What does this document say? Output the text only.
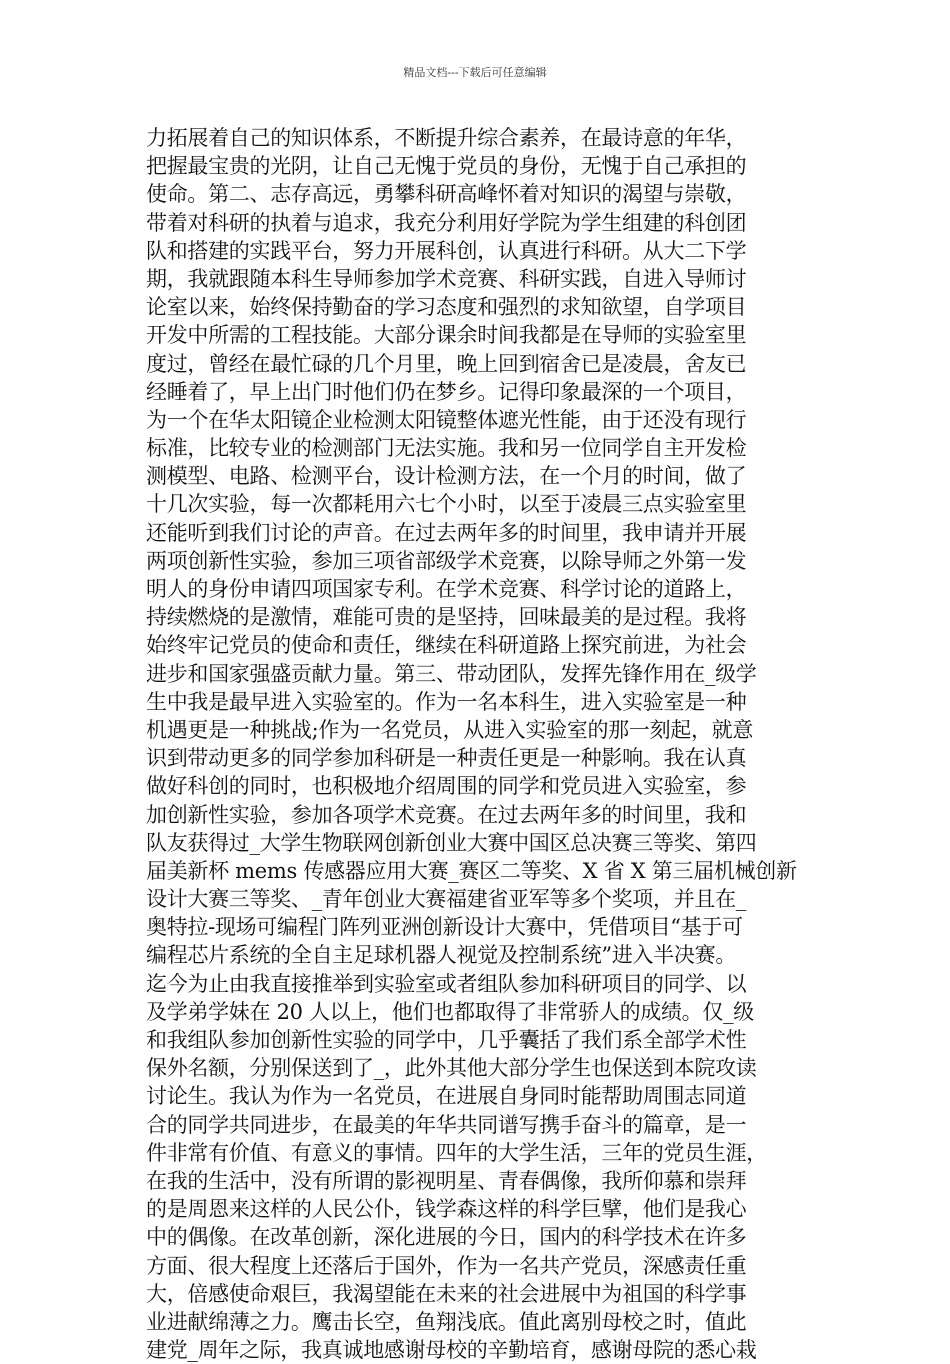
精品文档---下载后可任意编辑
力拓展着自己的知识体系，不断提升综合素养，在最诗意的年华，
把握最宝贵的光阴，让自己无愧于党员的身份，无愧于自己承担的
使命。第二、志存高远，勇攀科研高峰怀着对知识的渴望与崇敬，
带着对科研的执着与追求，我充分利用好学院为学生组建的科创团
队和搭建的实践平台，努力开展科创，认真进行科研。从大二下学
期，我就跟随本科生导师参加学术竞赛、科研实践，自进入导师讨
论室以来，始终保持勤奋的学习态度和强烈的求知欲望，自学项目
开发中所需的工程技能。大部分课余时间我都是在导师的实验室里
度过，曾经在最忙碌的几个月里，晚上回到宿舍已是凌晨，舍友已
经睡着了，早上出门时他们仍在梦乡。记得印象最深的一个项目，
为一个在华太阳镜企业检测太阳镜整体遮光性能，由于还没有现行
标准，比较专业的检测部门无法实施。我和另一位同学自主开发检
测模型、电路、检测平台，设计检测方法，在一个月的时间，做了
十几次实验，每一次都耗用六七个小时，以至于凌晨三点实验室里
还能听到我们讨论的声音。在过去两年多的时间里，我申请并开展
两项创新性实验，参加三项省部级学术竞赛，以除导师之外第一发
明人的身份申请四项国家专利。在学术竞赛、科学讨论的道路上，
持续燃烧的是激情，难能可贵的是坚持，回味最美的是过程。我将
始终牢记党员的使命和责任，继续在科研道路上探究前进，为社会
进步和国家强盛贡献力量。第三、带动团队，发挥先锋作用在_级学
生中我是最早进入实验室的。作为一名本科生，进入实验室是一种
机遇更是一种挑战;作为一名党员，从进入实验室的那一刻起，就意
识到带动更多的同学参加科研是一种责任更是一种影响。我在认真
做好科创的同时，也积极地介绍周围的同学和党员进入实验室，参
加创新性实验，参加各项学术竞赛。在过去两年多的时间里，我和
队友获得过_大学生物联网创新创业大赛中国区总决赛三等奖、第四
届美新杯 mems 传感器应用大赛_赛区二等奖、X 省 X 第三届机械创新
设计大赛三等奖、_青年创业大赛福建省亚军等多个奖项，并且在_
奥特拉-现场可编程门阵列亚洲创新设计大赛中，凭借项目“基于可
编程芯片系统的全自主足球机器人视觉及控制系统”进入半决赛。
迄今为止由我直接推举到实验室或者组队参加科研项目的同学、以
及学弟学妹在 20 人以上，他们也都取得了非常骄人的成绩。仅_级
和我组队参加创新性实验的同学中，几乎囊括了我们系全部学术性
保外名额，分别保送到了_，此外其他大部分学生也保送到本院攻读
讨论生。我认为作为一名党员，在进展自身同时能帮助周围志同道
合的同学共同进步，在最美的年华共同谱写携手奋斗的篇章，是一
件非常有价值、有意义的事情。四年的大学生活，三年的党员生涯，
在我的生活中，没有所谓的影视明星、青春偶像，我所仰慕和崇拜
的是周恩来这样的人民公仆，钱学森这样的科学巨擘，他们是我心
中的偶像。在改革创新，深化进展的今日，国内的科学技术在许多
方面、很大程度上还落后于国外，作为一名共产党员，深感责任重
大，倍感使命艰巨，我渴望能在未来的社会进展中为祖国的科学事
业进献绵薄之力。鹰击长空，鱼翔浅底。值此离别母校之时，值此
建党_周年之际，我真诚地感谢母校的辛勤培育，感谢母院的悉心栽
